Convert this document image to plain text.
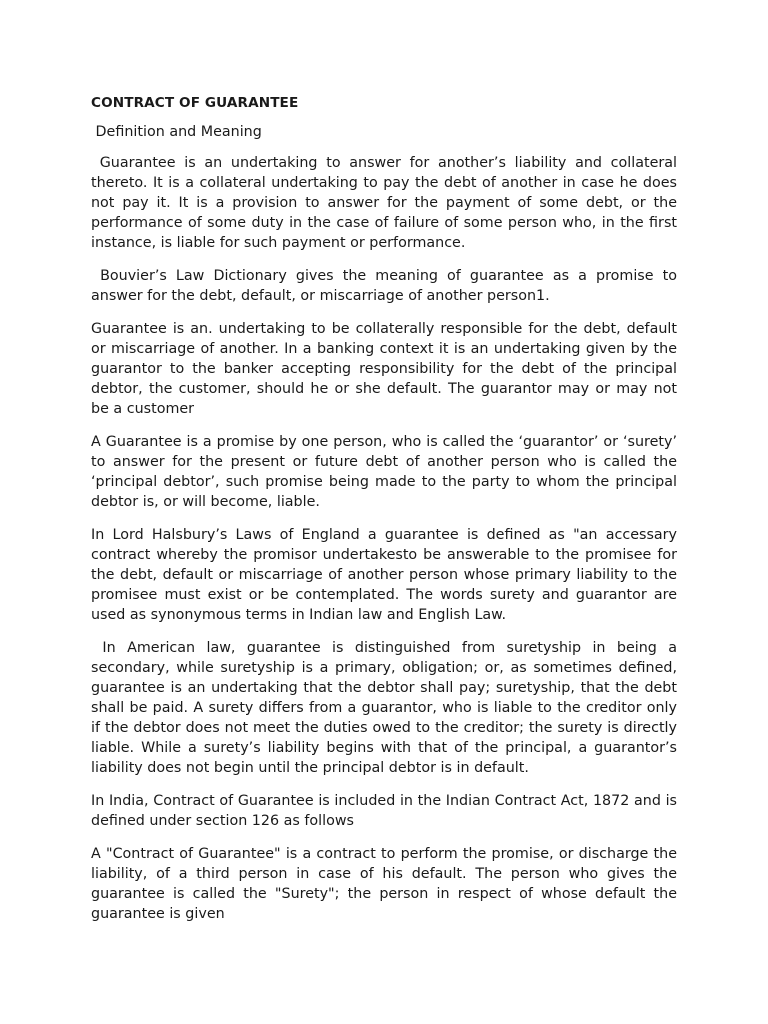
CONTRACT OF GUARANTEE
Definition and Meaning

Guarantee is an undertaking to answer for another’s liability and collateral thereto. It is a collateral undertaking to pay the debt of another in case he does not pay it. It is a provision to answer for the payment of some debt, or the performance of some duty in the case of failure of some person who, in the first instance, is liable for such payment or performance.

Bouvier’s Law Dictionary gives the meaning of guarantee as a promise to answer for the debt, default, or miscarriage of another person1.

Guarantee is an. undertaking to be collaterally responsible for the debt, default or miscarriage of another. In a banking context it is an undertaking given by the guarantor to the banker accepting responsibility for the debt of the principal debtor, the customer, should he or she default. The guarantor may or may not be a customer

A Guarantee is a promise by one person, who is called the ‘guarantor’ or ‘surety’ to answer for the present or future debt of another person who is called the ‘principal debtor’, such promise being made to the party to whom the principal debtor is, or will become, liable.

In Lord Halsbury’s Laws of England a guarantee is defined as "an accessary contract whereby the promisor undertakesto be answerable to the promisee for the debt, default or miscarriage of another person whose primary liability to the promisee must exist or be contemplated. The words surety and guarantor are used as synonymous terms in Indian law and English Law.

In American law, guarantee is distinguished from suretyship in being a secondary, while suretyship is a primary, obligation; or, as sometimes defined, guarantee is an undertaking that the debtor shall pay; suretyship, that the debt shall be paid. A surety differs from a guarantor, who is liable to the creditor only if the debtor does not meet the duties owed to the creditor; the surety is directly liable. While a surety’s liability begins with that of the principal, a guarantor’s liability does not begin until the principal debtor is in default.

In India, Contract of Guarantee is included in the Indian Contract Act, 1872 and is defined under section 126 as follows

A "Contract of Guarantee" is a contract to perform the promise, or discharge the liability, of a third person in case of his default. The person who gives the guarantee is called the "Surety"; the person in respect of whose default the guarantee is given
